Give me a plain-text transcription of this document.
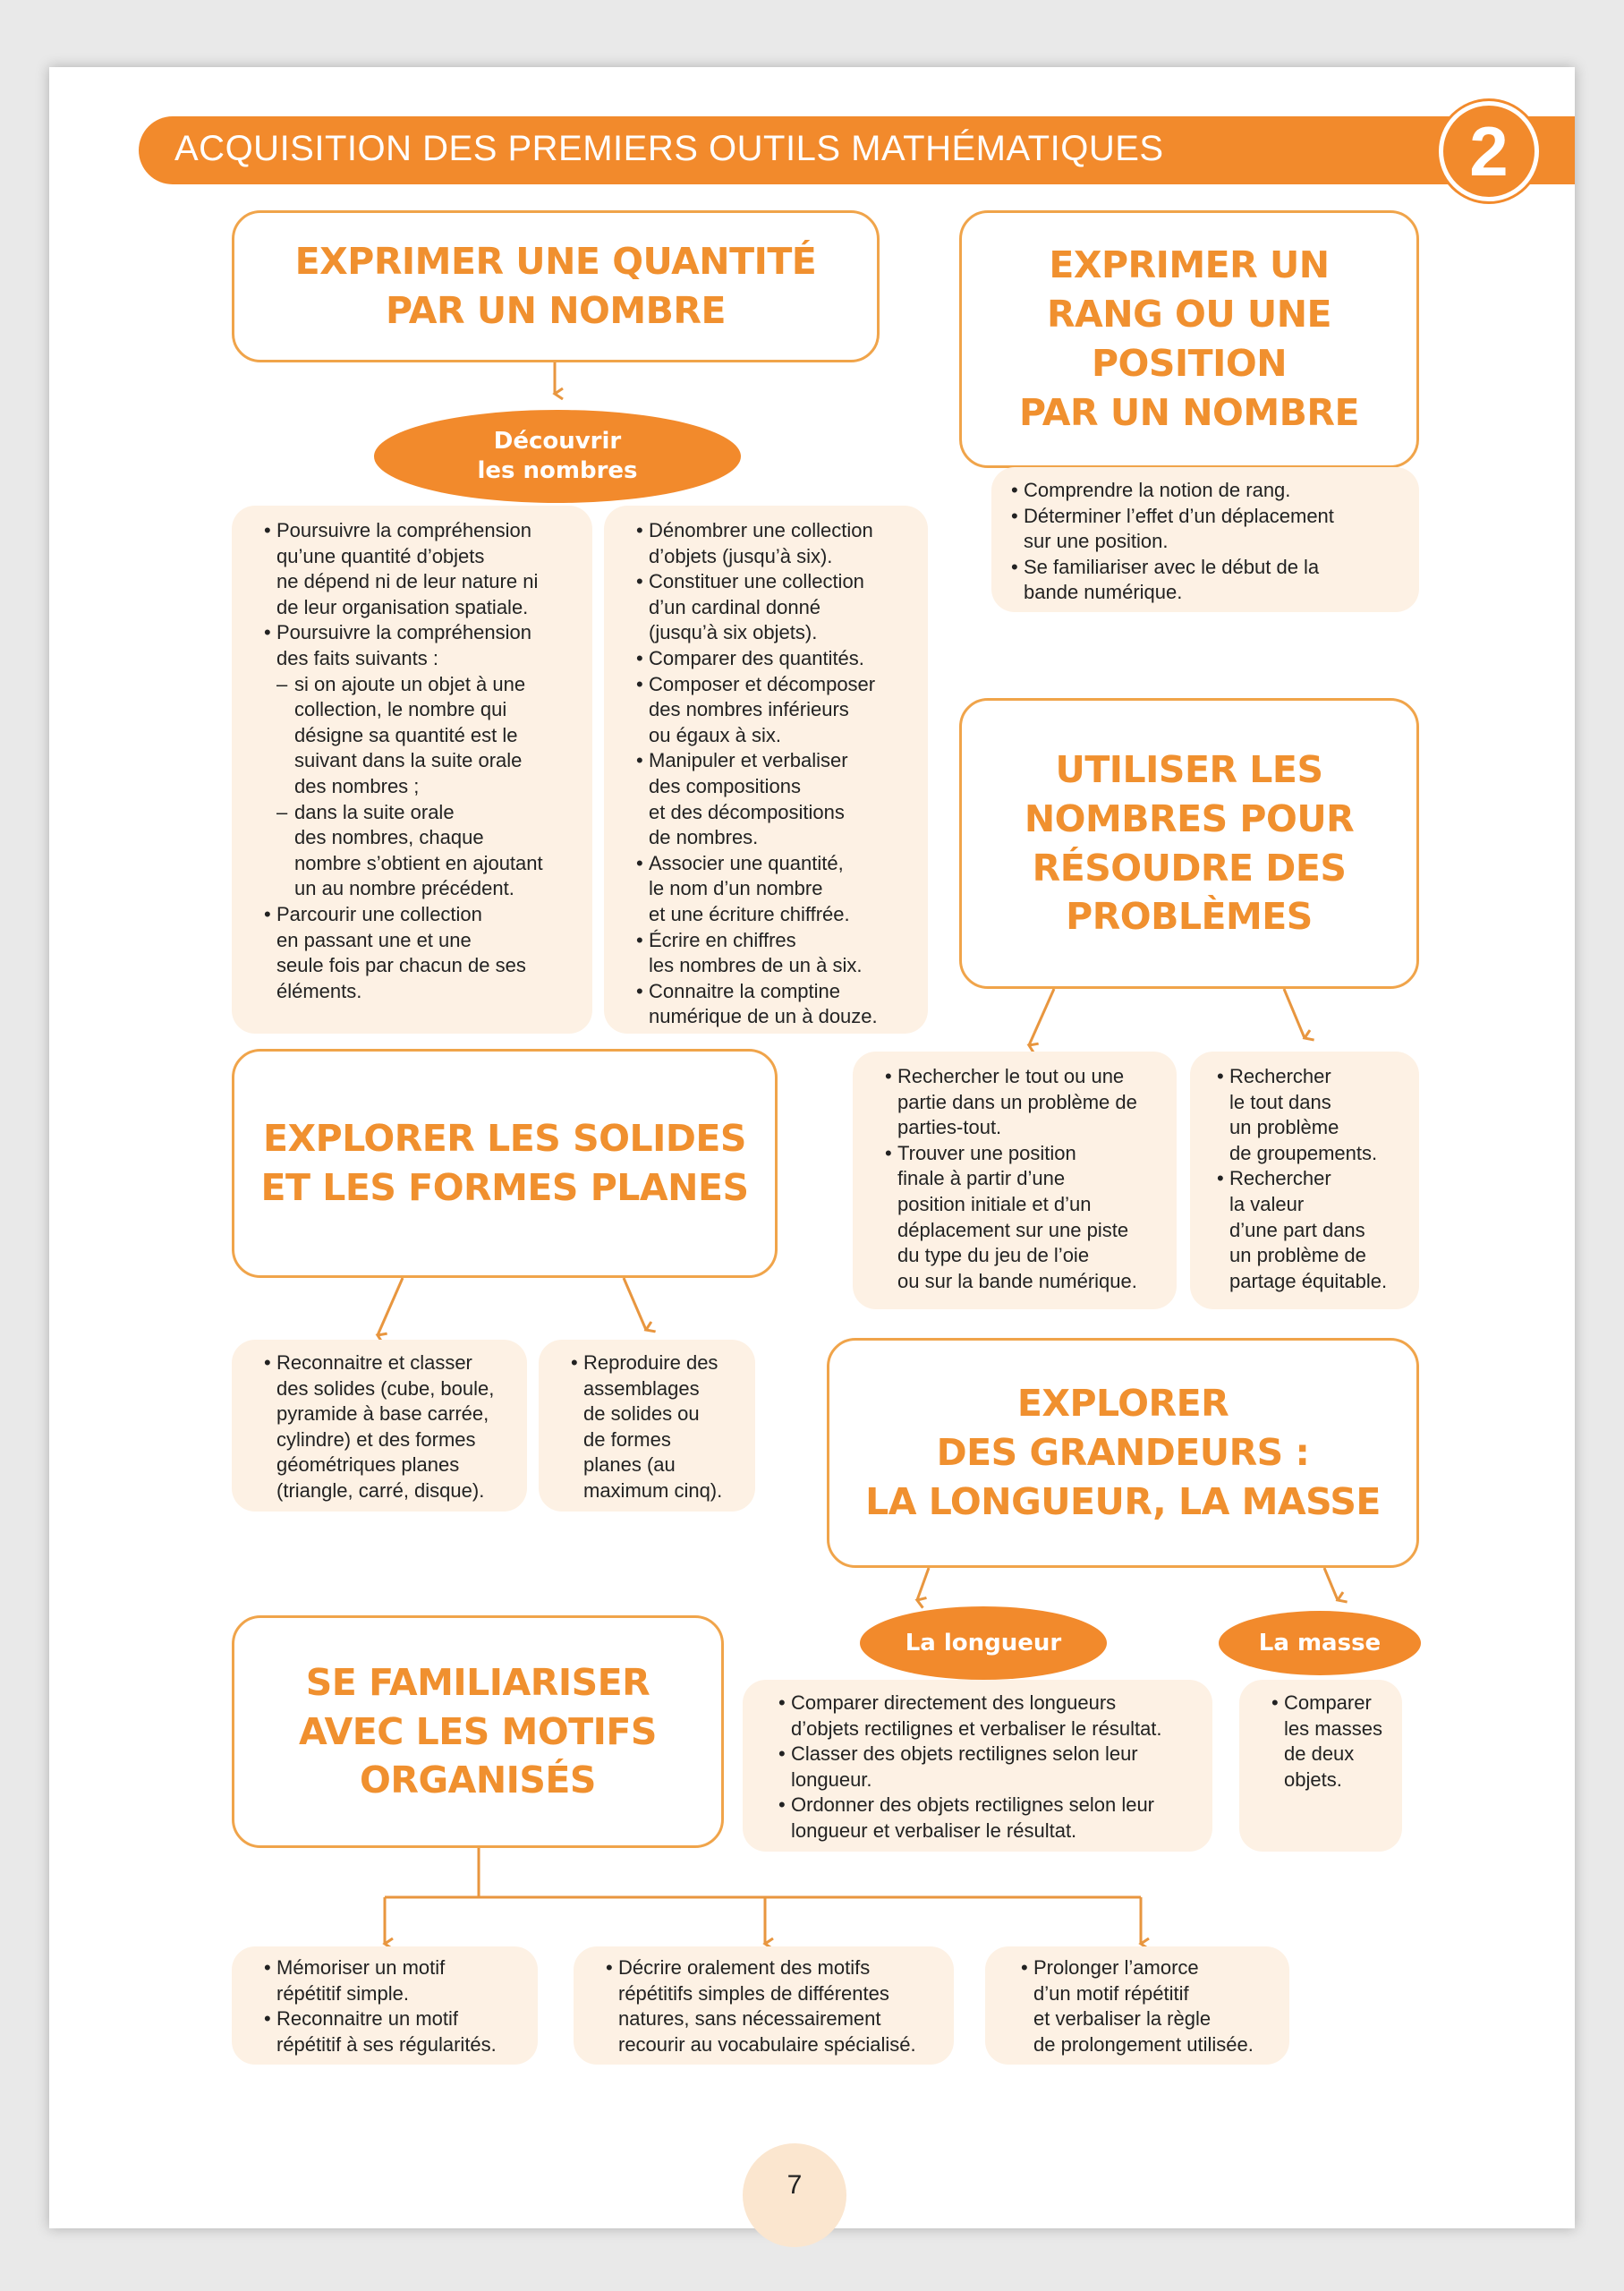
ACQUISITION DES PREMIERS OUTILS MATHÉMATIQUES	2
EXPRIMER UNE QUANTITÉ
PAR UN NOMBRE
Découvrir
les nombres
• Poursuivre la compréhension
qu’une quantité d’objets
ne dépend ni de leur nature ni
de leur organisation spatiale.
• Poursuivre la compréhension
des faits suivants :
– si on ajoute un objet à une
collection, le nombre qui
désigne sa quantité est le
suivant dans la suite orale
des nombres ;
– dans la suite orale
des nombres, chaque
nombre s’obtient en ajoutant
un au nombre précédent.
• Parcourir une collection
en passant une et une
seule fois par chacun de ses
éléments.
• Dénombrer une collection
d’objets (jusqu’à six).
• Constituer une collection
d’un cardinal donné
(jusqu’à six objets).
• Comparer des quantités.
• Composer et décomposer
des nombres inférieurs
ou égaux à six.
• Manipuler et verbaliser
des compositions
et des décompositions
de nombres.
• Associer une quantité,
le nom d’un nombre
et une écriture chiffrée.
• Écrire en chiffres
les nombres de un à six.
• Connaitre la comptine
numérique de un à douze.
EXPRIMER UN
RANG OU UNE
POSITION
PAR UN NOMBRE
• Comprendre la notion de rang.
• Déterminer l’effet d’un déplacement
sur une position.
• Se familiariser avec le début de la
bande numérique.
UTILISER LES
NOMBRES POUR
RÉSOUDRE DES
PROBLÈMES
• Rechercher le tout ou une
partie dans un problème de
parties-tout.
• Trouver une position
finale à partir d’une
position initiale et d’un
déplacement sur une piste
du type du jeu de l’oie
ou sur la bande numérique.
• Rechercher
le tout dans
un problème
de groupements.
• Rechercher
la valeur
d’une part dans
un problème de
partage équitable.
EXPLORER LES SOLIDES
ET LES FORMES PLANES
• Reconnaitre et classer
des solides (cube, boule,
pyramide à base carrée,
cylindre) et des formes
géométriques planes
(triangle, carré, disque).
• Reproduire des
assemblages
de solides ou
de formes
planes (au
maximum cinq).
EXPLORER
DES GRANDEURS :
LA LONGUEUR, LA MASSE
La longueur	La masse
• Comparer directement des longueurs
d’objets rectilignes et verbaliser le résultat.
• Classer des objets rectilignes selon leur
longueur.
• Ordonner des objets rectilignes selon leur
longueur et verbaliser le résultat.
• Comparer
les masses
de deux
objets.
SE FAMILIARISER
AVEC LES MOTIFS
ORGANISÉS
• Mémoriser un motif
répétitif simple.
• Reconnaitre un motif
répétitif à ses régularités.
• Décrire oralement des motifs
répétitifs simples de différentes
natures, sans nécessairement
recourir au vocabulaire spécialisé.
• Prolonger l’amorce
d’un motif répétitif
et verbaliser la règle
de prolongement utilisée.
7
